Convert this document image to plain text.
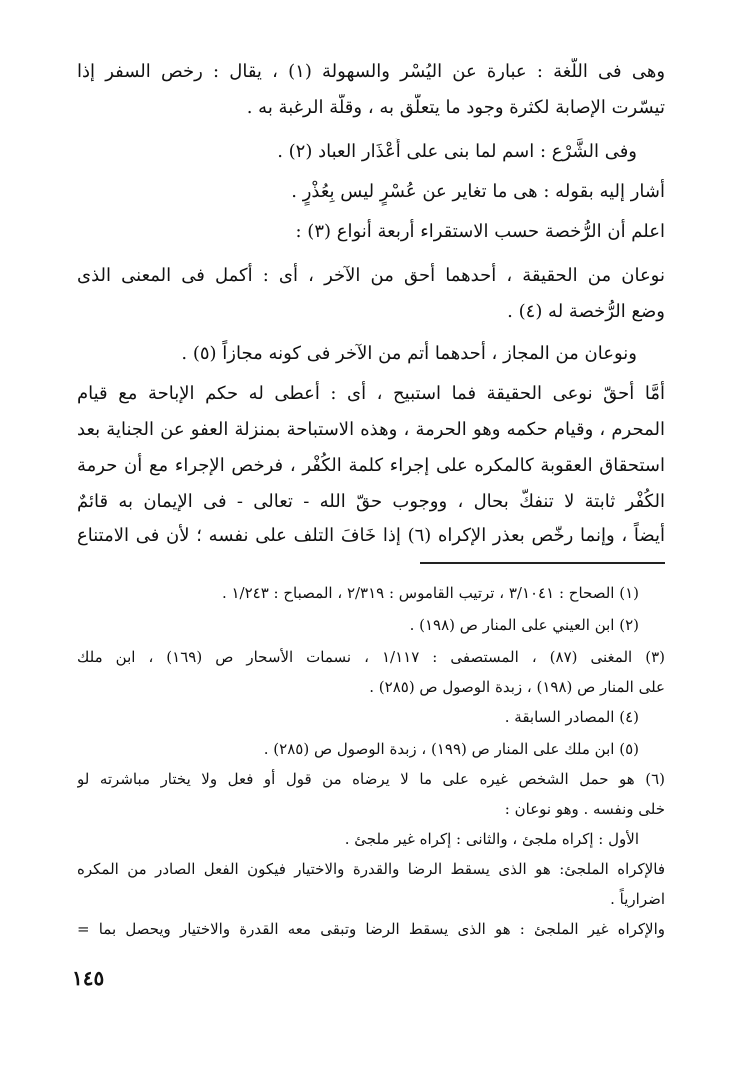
وهى فى اللُّغة : عبارة عن اليُسْر والسهولة (١) ، يقال : رخص السفر إذا
تيسّرت الإصابة لكثرة وجود ما يتعلّق به ، وقلّة الرغبة به .
وفى الشَّرْع : اسم لما بنى على أَعْذَار العباد (٢) .
أشار إليه بقوله : هى ما تغاير عن عُسْرٍ ليس بِعُذْرٍ .
اعلم أن الرُّخصة حسب الاستقراء أربعة أنواع (٣) :
نوعان من الحقيقة ، أحدهما أحق من الآخر ، أى : أكمل فى المعنى الذى
وضع الرُّخصة له (٤) .
ونوعان من المجاز ، أحدهما أتم من الآخر فى كونه مجازاً (٥) .
أمَّا أحقّ نوعى الحقيقة فما استبيح ، أى : أعطى له حكم الإباحة مع قيام
المحرم ، وقيام حكمه وهو الحرمة ، وهذه الاستباحة بمنزلة العفو عن الجناية بعد
استحقاق العقوبة كالمكره على إجراء كلمة الكُفْر ، فرخص الإجراء مع أن حرمة
الكُفْر ثابتة لا تنفكّ بحال ، ووجوب حقّ الله - تعالى - فى الإيمان به قائمٌ
أيضاً ، وإنما رخّص بعذر الإكراه (٦) إذا خَافَ التلف على نفسه ؛ لأن فى الامتناع
(١) الصحاح : ٣/١٠٤١ ، ترتيب القاموس : ٢/٣١٩ ، المصباح : ١/٢٤٣ .
(٢) ابن العيني على المنار ص (١٩٨) .
(٣) المغنى (٨٧) ، المستصفى : ١/١١٧ ، نسمات الأسحار ص (١٦٩) ، ابن ملك
على المنار ص (١٩٨) ، زبدة الوصول ص (٢٨٥) .
(٤) المصادر السابقة .
(٥) ابن ملك على المنار ص (١٩٩) ، زبدة الوصول ص (٢٨٥) .
(٦) هو حمل الشخص غيره على ما لا يرضاه من قول أو فعل ولا يختار مباشرته لو
خلى ونفسه . وهو نوعان :
الأول : إكراه ملجئ ، والثانى : إكراه غير ملجئ .
فالإكراه الملجئ: هو الذى يسقط الرضا والقدرة والاختيار فيكون الفعل الصادر من المكره
اضرارياً .
والإكراه غير الملجئ : هو الذى يسقط الرضا وتبقى معه القدرة والاختيار ويحصل بما =
١٤٥
